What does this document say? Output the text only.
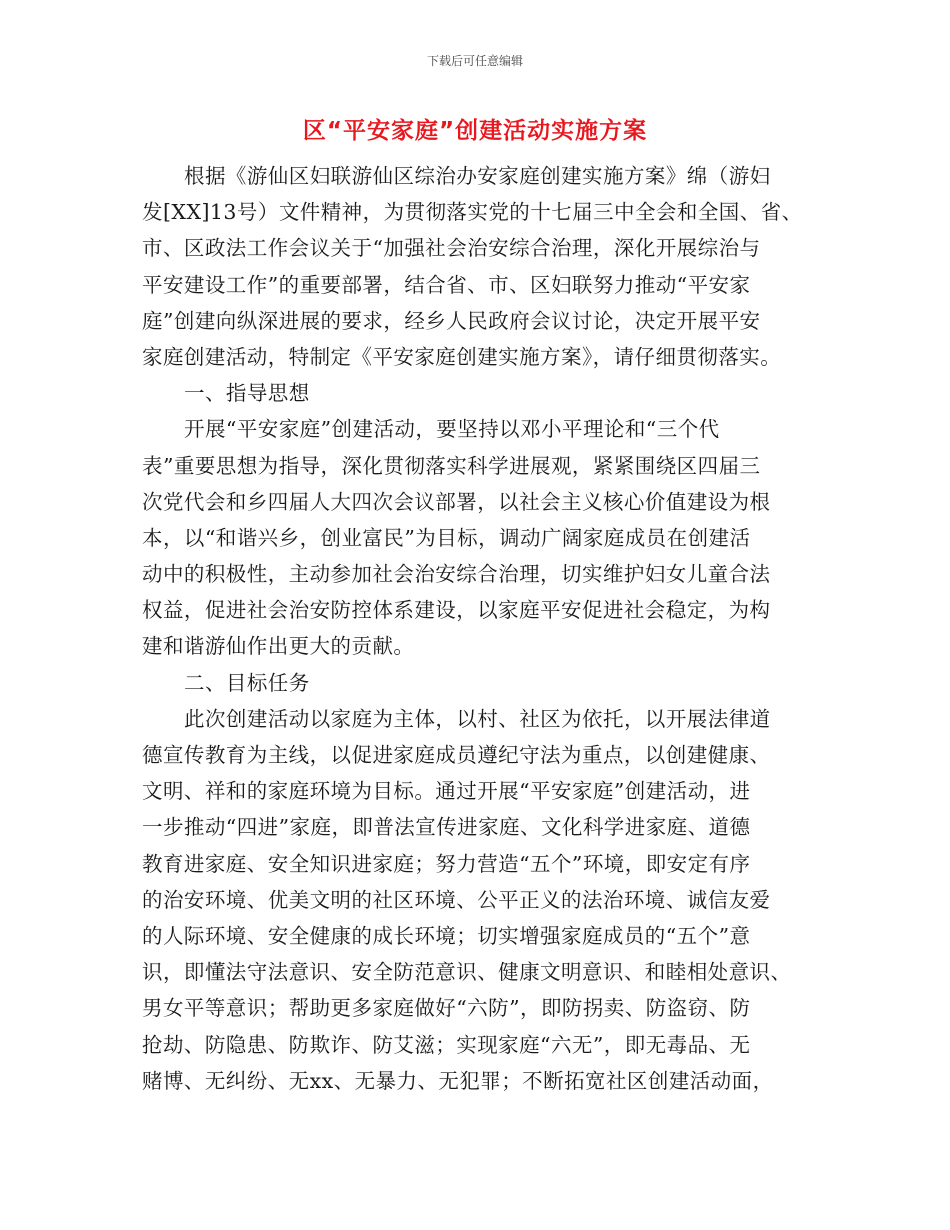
下载后可任意编辑
区“平安家庭”创建活动实施方案
根据《游仙区妇联游仙区综治办安家庭创建实施方案》绵（游妇
发[XX]13号）文件精神，为贯彻落实党的十七届三中全会和全国、省、
市、区政法工作会议关于“加强社会治安综合治理，深化开展综治与
平安建设工作”的重要部署，结合省、市、区妇联努力推动“平安家
庭”创建向纵深进展的要求，经乡人民政府会议讨论，决定开展平安
家庭创建活动，特制定《平安家庭创建实施方案》，请仔细贯彻落实。
一、指导思想
开展“平安家庭”创建活动，要坚持以邓小平理论和“三个代
表”重要思想为指导，深化贯彻落实科学进展观，紧紧围绕区四届三
次党代会和乡四届人大四次会议部署，以社会主义核心价值建设为根
本，以“和谐兴乡，创业富民”为目标，调动广阔家庭成员在创建活
动中的积极性，主动参加社会治安综合治理，切实维护妇女儿童合法
权益，促进社会治安防控体系建设，以家庭平安促进社会稳定，为构
建和谐游仙作出更大的贡献。
二、目标任务
此次创建活动以家庭为主体，以村、社区为依托，以开展法律道
德宣传教育为主线，以促进家庭成员遵纪守法为重点，以创建健康、
文明、祥和的家庭环境为目标。通过开展“平安家庭”创建活动，进
一步推动“四进”家庭，即普法宣传进家庭、文化科学进家庭、道德
教育进家庭、安全知识进家庭；努力营造“五个”环境，即安定有序
的治安环境、优美文明的社区环境、公平正义的法治环境、诚信友爱
的人际环境、安全健康的成长环境；切实增强家庭成员的“五个”意
识，即懂法守法意识、安全防范意识、健康文明意识、和睦相处意识、
男女平等意识；帮助更多家庭做好“六防”，即防拐卖、防盗窃、防
抢劫、防隐患、防欺诈、防艾滋；实现家庭“六无”，即无毒品、无
赌博、无纠纷、无xx、无暴力、无犯罪；不断拓宽社区创建活动面，
